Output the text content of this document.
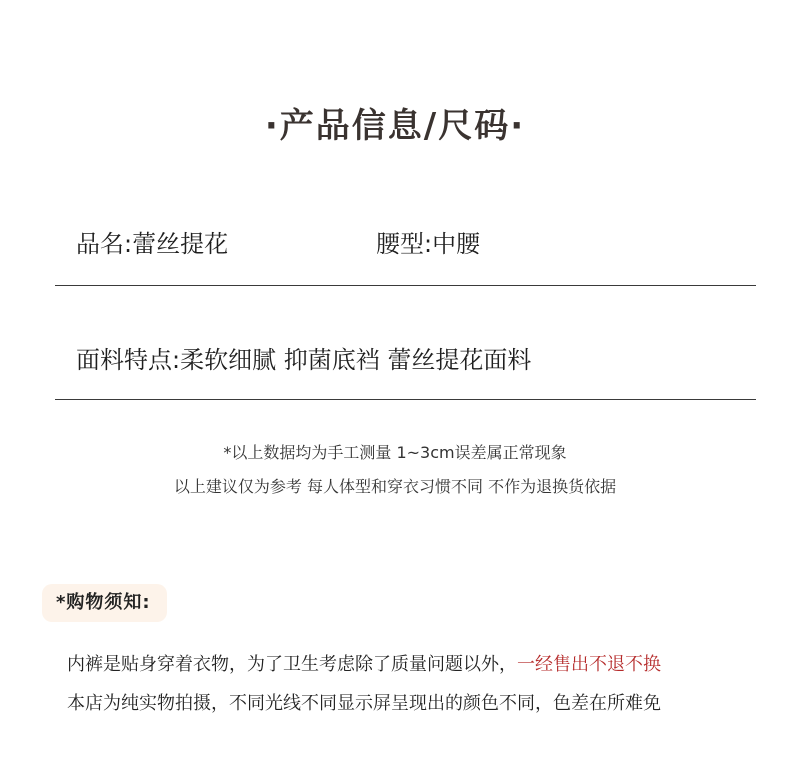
·产品信息/尺码·
品名:蕾丝提花	腰型:中腰
面料特点:柔软细腻 抑菌底裆 蕾丝提花面料
*以上数据均为手工测量 1~3cm误差属正常现象
以上建议仅为参考 每人体型和穿衣习惯不同 不作为退换货依据
*购物须知:
内裤是贴身穿着衣物，为了卫生考虑除了质量问题以外，一经售出不退不换
本店为纯实物拍摄，不同光线不同显示屏呈现出的颜色不同，色差在所难免
